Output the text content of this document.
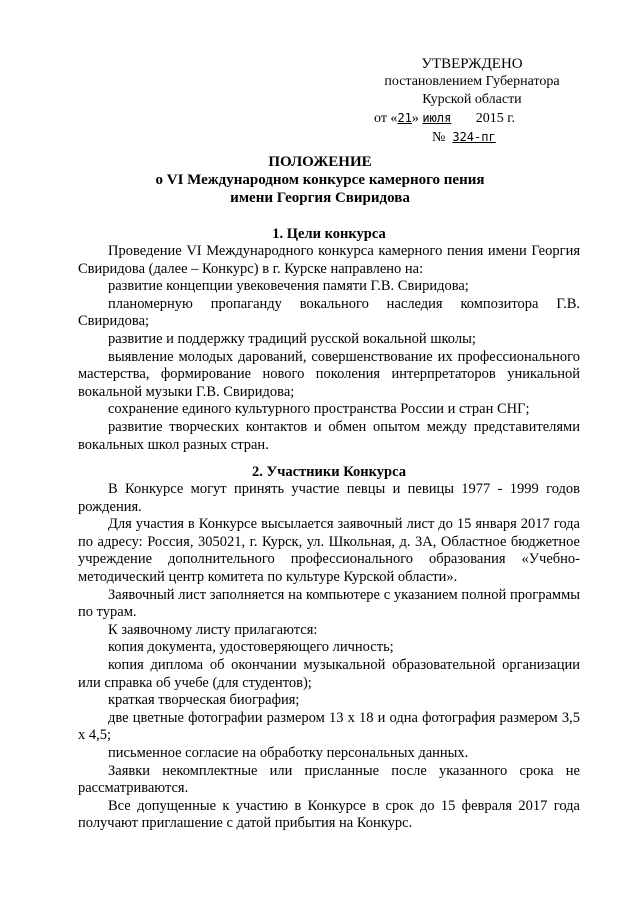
УТВЕРЖДЕНО
постановлением Губернатора
Курской области
от «21» июля 2015 г.
№ 324-пг
ПОЛОЖЕНИЕ
о VI Международном конкурсе камерного пения
имени Георгия Свиридова
1. Цели конкурса

Проведение VI Международного конкурса камерного пения имени Георгия Свиридова (далее – Конкурс) в г. Курске направлено на:

развитие концепции увековечения памяти Г.В. Свиридова;

планомерную пропаганду вокального наследия композитора Г.В. Свиридова;

развитие и поддержку традиций русской вокальной школы;

выявление молодых дарований, совершенствование их профессионального мастерства, формирование нового поколения интерпретаторов уникальной вокальной музыки Г.В. Свиридова;

сохранение единого культурного пространства России и стран СНГ;

развитие творческих контактов и обмен опытом между представителями вокальных школ разных стран.

2. Участники Конкурса

В Конкурсе могут принять участие певцы и певицы 1977 - 1999 годов рождения.

Для участия в Конкурсе высылается заявочный лист до 15 января 2017 года по адресу: Россия, 305021, г. Курск, ул. Школьная, д. 3А, Областное бюджетное учреждение дополнительного профессионального образования «Учебно-методический центр комитета по культуре Курской области».

Заявочный лист заполняется на компьютере с указанием полной программы по турам.

К заявочному листу прилагаются:

копия документа, удостоверяющего личность;

копия диплома об окончании музыкальной образовательной организации или справка об учебе (для студентов);

краткая творческая биография;

две цветные фотографии размером 13 х 18 и одна фотография размером 3,5 х 4,5;

письменное согласие на обработку персональных данных.

Заявки некомплектные или присланные после указанного срока не рассматриваются.

Все допущенные к участию в Конкурсе в срок до 15 февраля 2017 года получают приглашение с датой прибытия на Конкурс.
